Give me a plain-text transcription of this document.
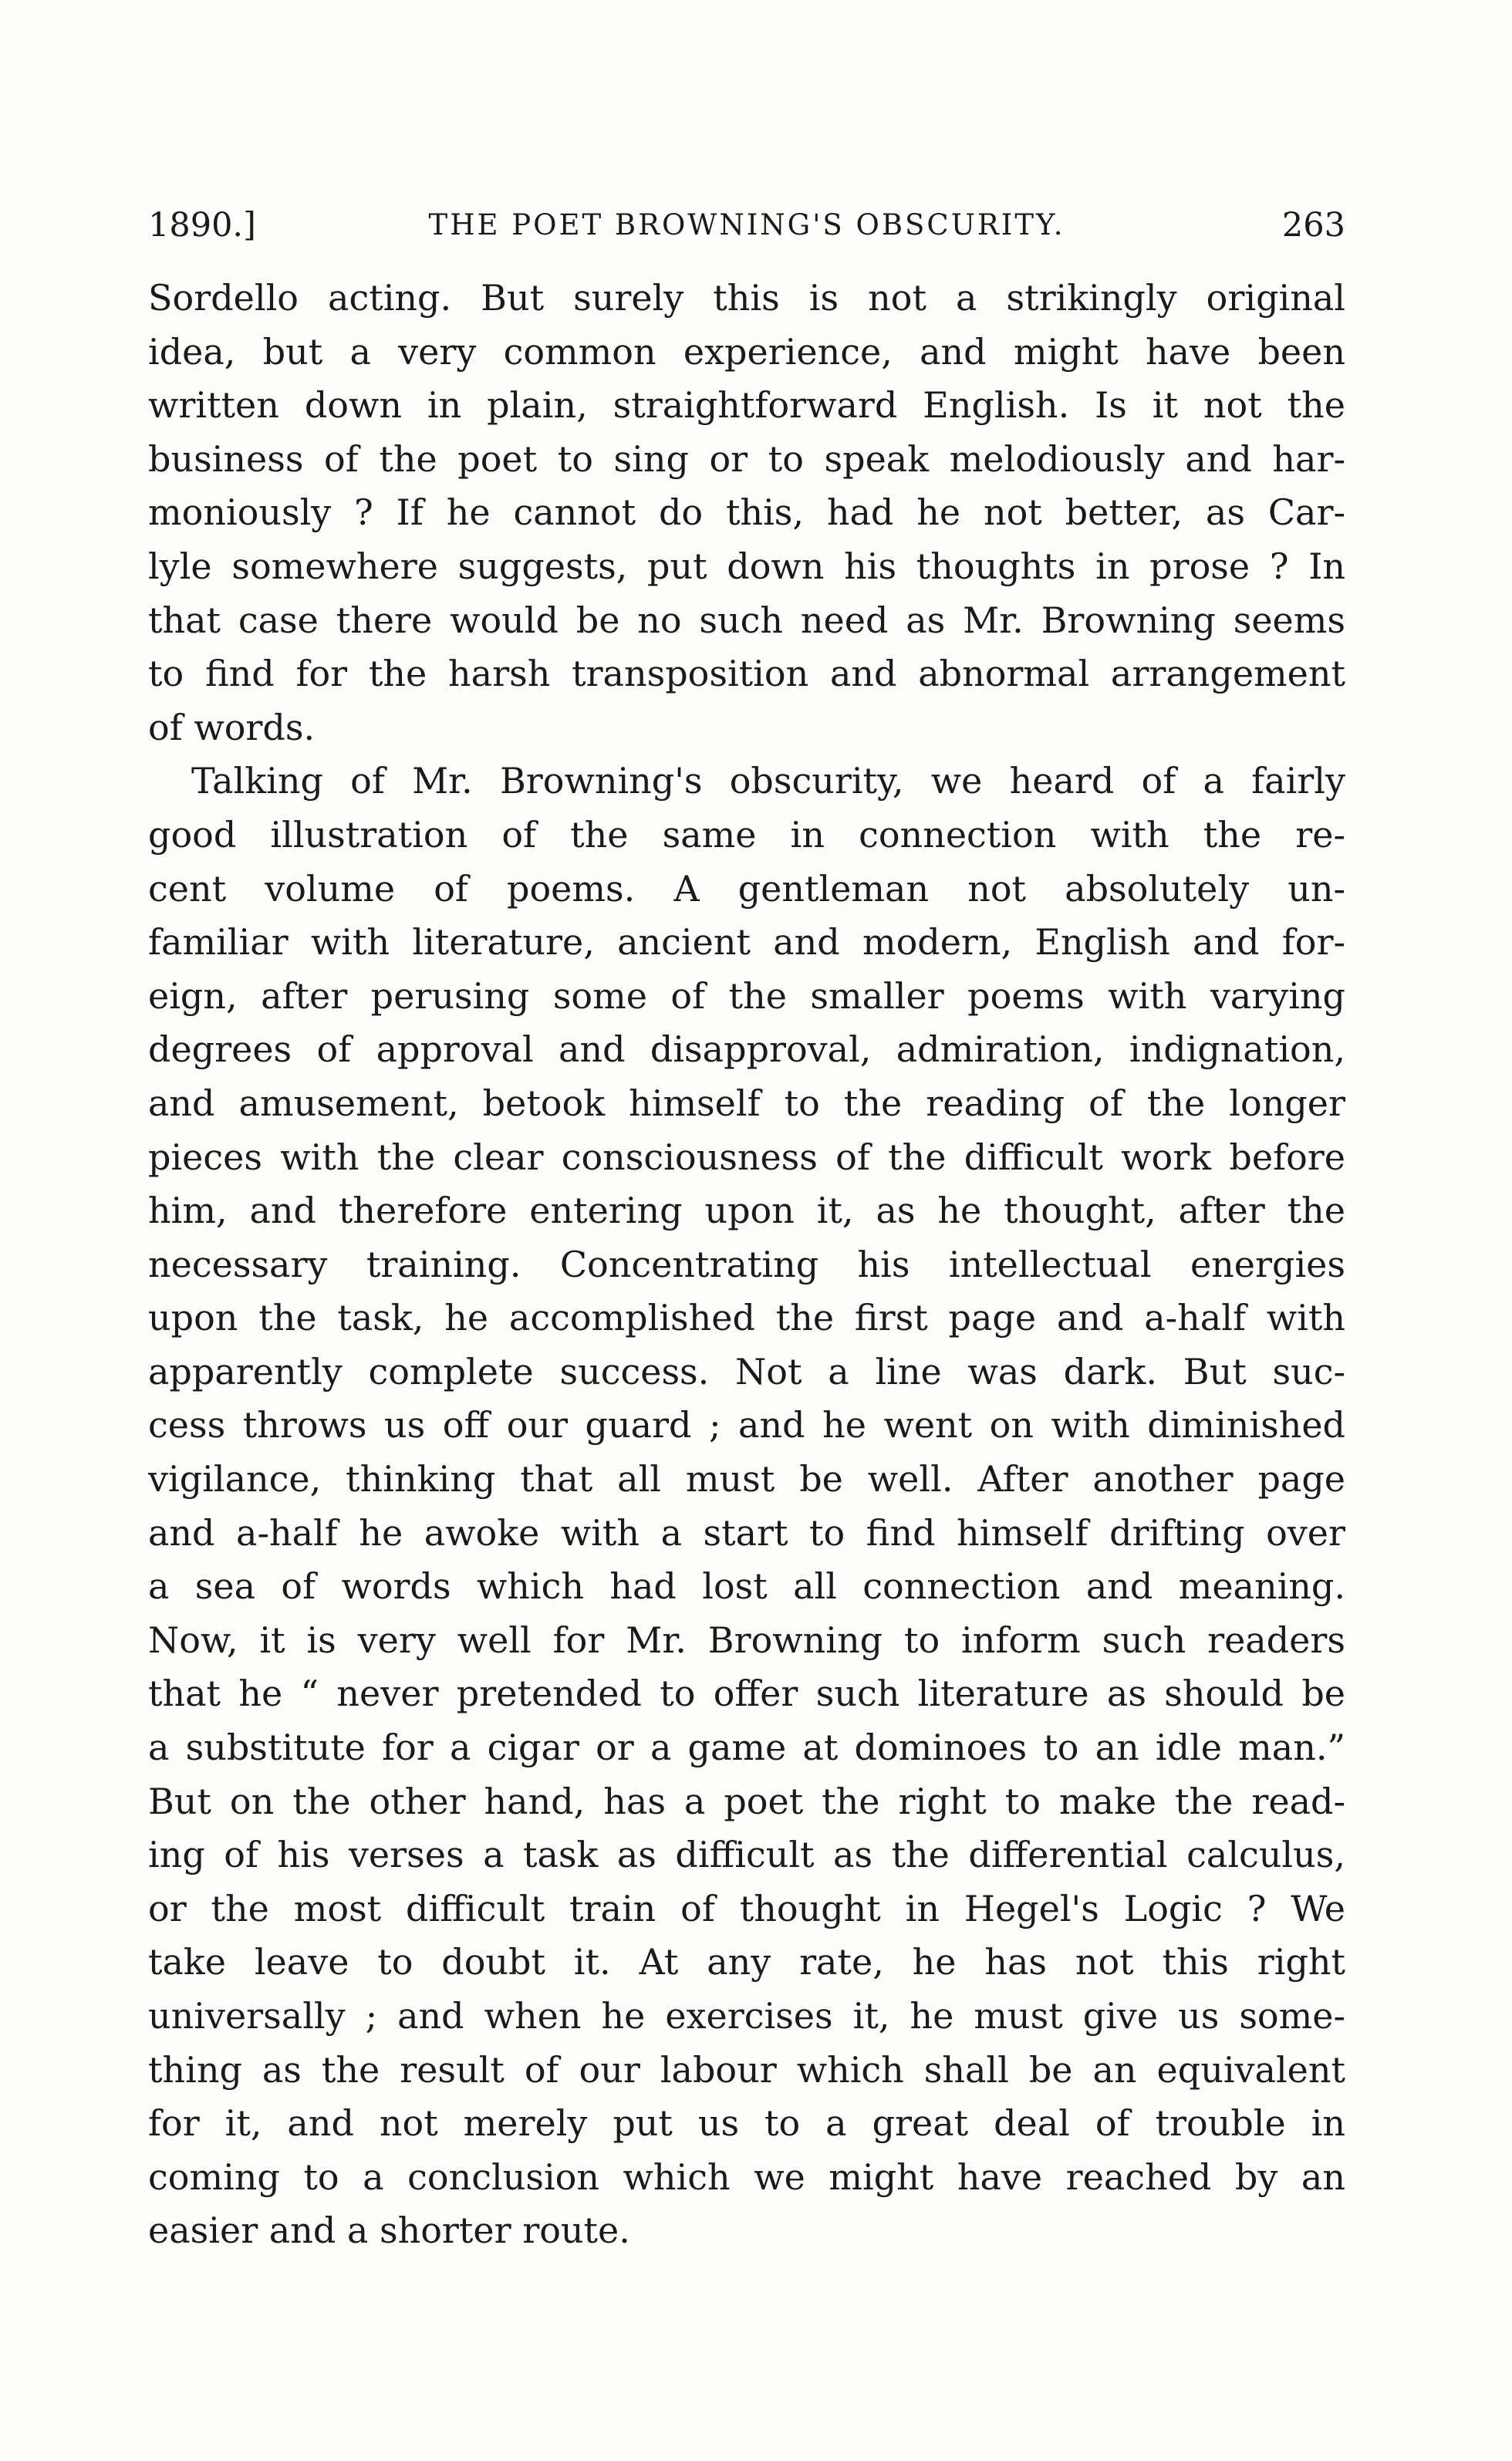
1890.]	THE POET BROWNING'S OBSCURITY.	263
Sordello acting. But surely this is not a strikingly original
idea, but a very common experience, and might have been
written down in plain, straightforward English. Is it not the
business of the poet to sing or to speak melodiously and har-
moniously ? If he cannot do this, had he not better, as Car-
lyle somewhere suggests, put down his thoughts in prose ? In
that case there would be no such need as Mr. Browning seems
to find for the harsh transposition and abnormal arrangement
of words.
Talking of Mr. Browning's obscurity, we heard of a fairly
good illustration of the same in connection with the re-
cent volume of poems. A gentleman not absolutely un-
familiar with literature, ancient and modern, English and for-
eign, after perusing some of the smaller poems with varying
degrees of approval and disapproval, admiration, indignation,
and amusement, betook himself to the reading of the longer
pieces with the clear consciousness of the difficult work before
him, and therefore entering upon it, as he thought, after the
necessary training. Concentrating his intellectual energies
upon the task, he accomplished the first page and a-half with
apparently complete success. Not a line was dark. But suc-
cess throws us off our guard ; and he went on with diminished
vigilance, thinking that all must be well. After another page
and a-half he awoke with a start to find himself drifting over
a sea of words which had lost all connection and meaning.
Now, it is very well for Mr. Browning to inform such readers
that he “ never pretended to offer such literature as should be
a substitute for a cigar or a game at dominoes to an idle man.”
But on the other hand, has a poet the right to make the read-
ing of his verses a task as difficult as the differential calculus,
or the most difficult train of thought in Hegel's Logic ? We
take leave to doubt it. At any rate, he has not this right
universally ; and when he exercises it, he must give us some-
thing as the result of our labour which shall be an equivalent
for it, and not merely put us to a great deal of trouble in
coming to a conclusion which we might have reached by an
easier and a shorter route.
